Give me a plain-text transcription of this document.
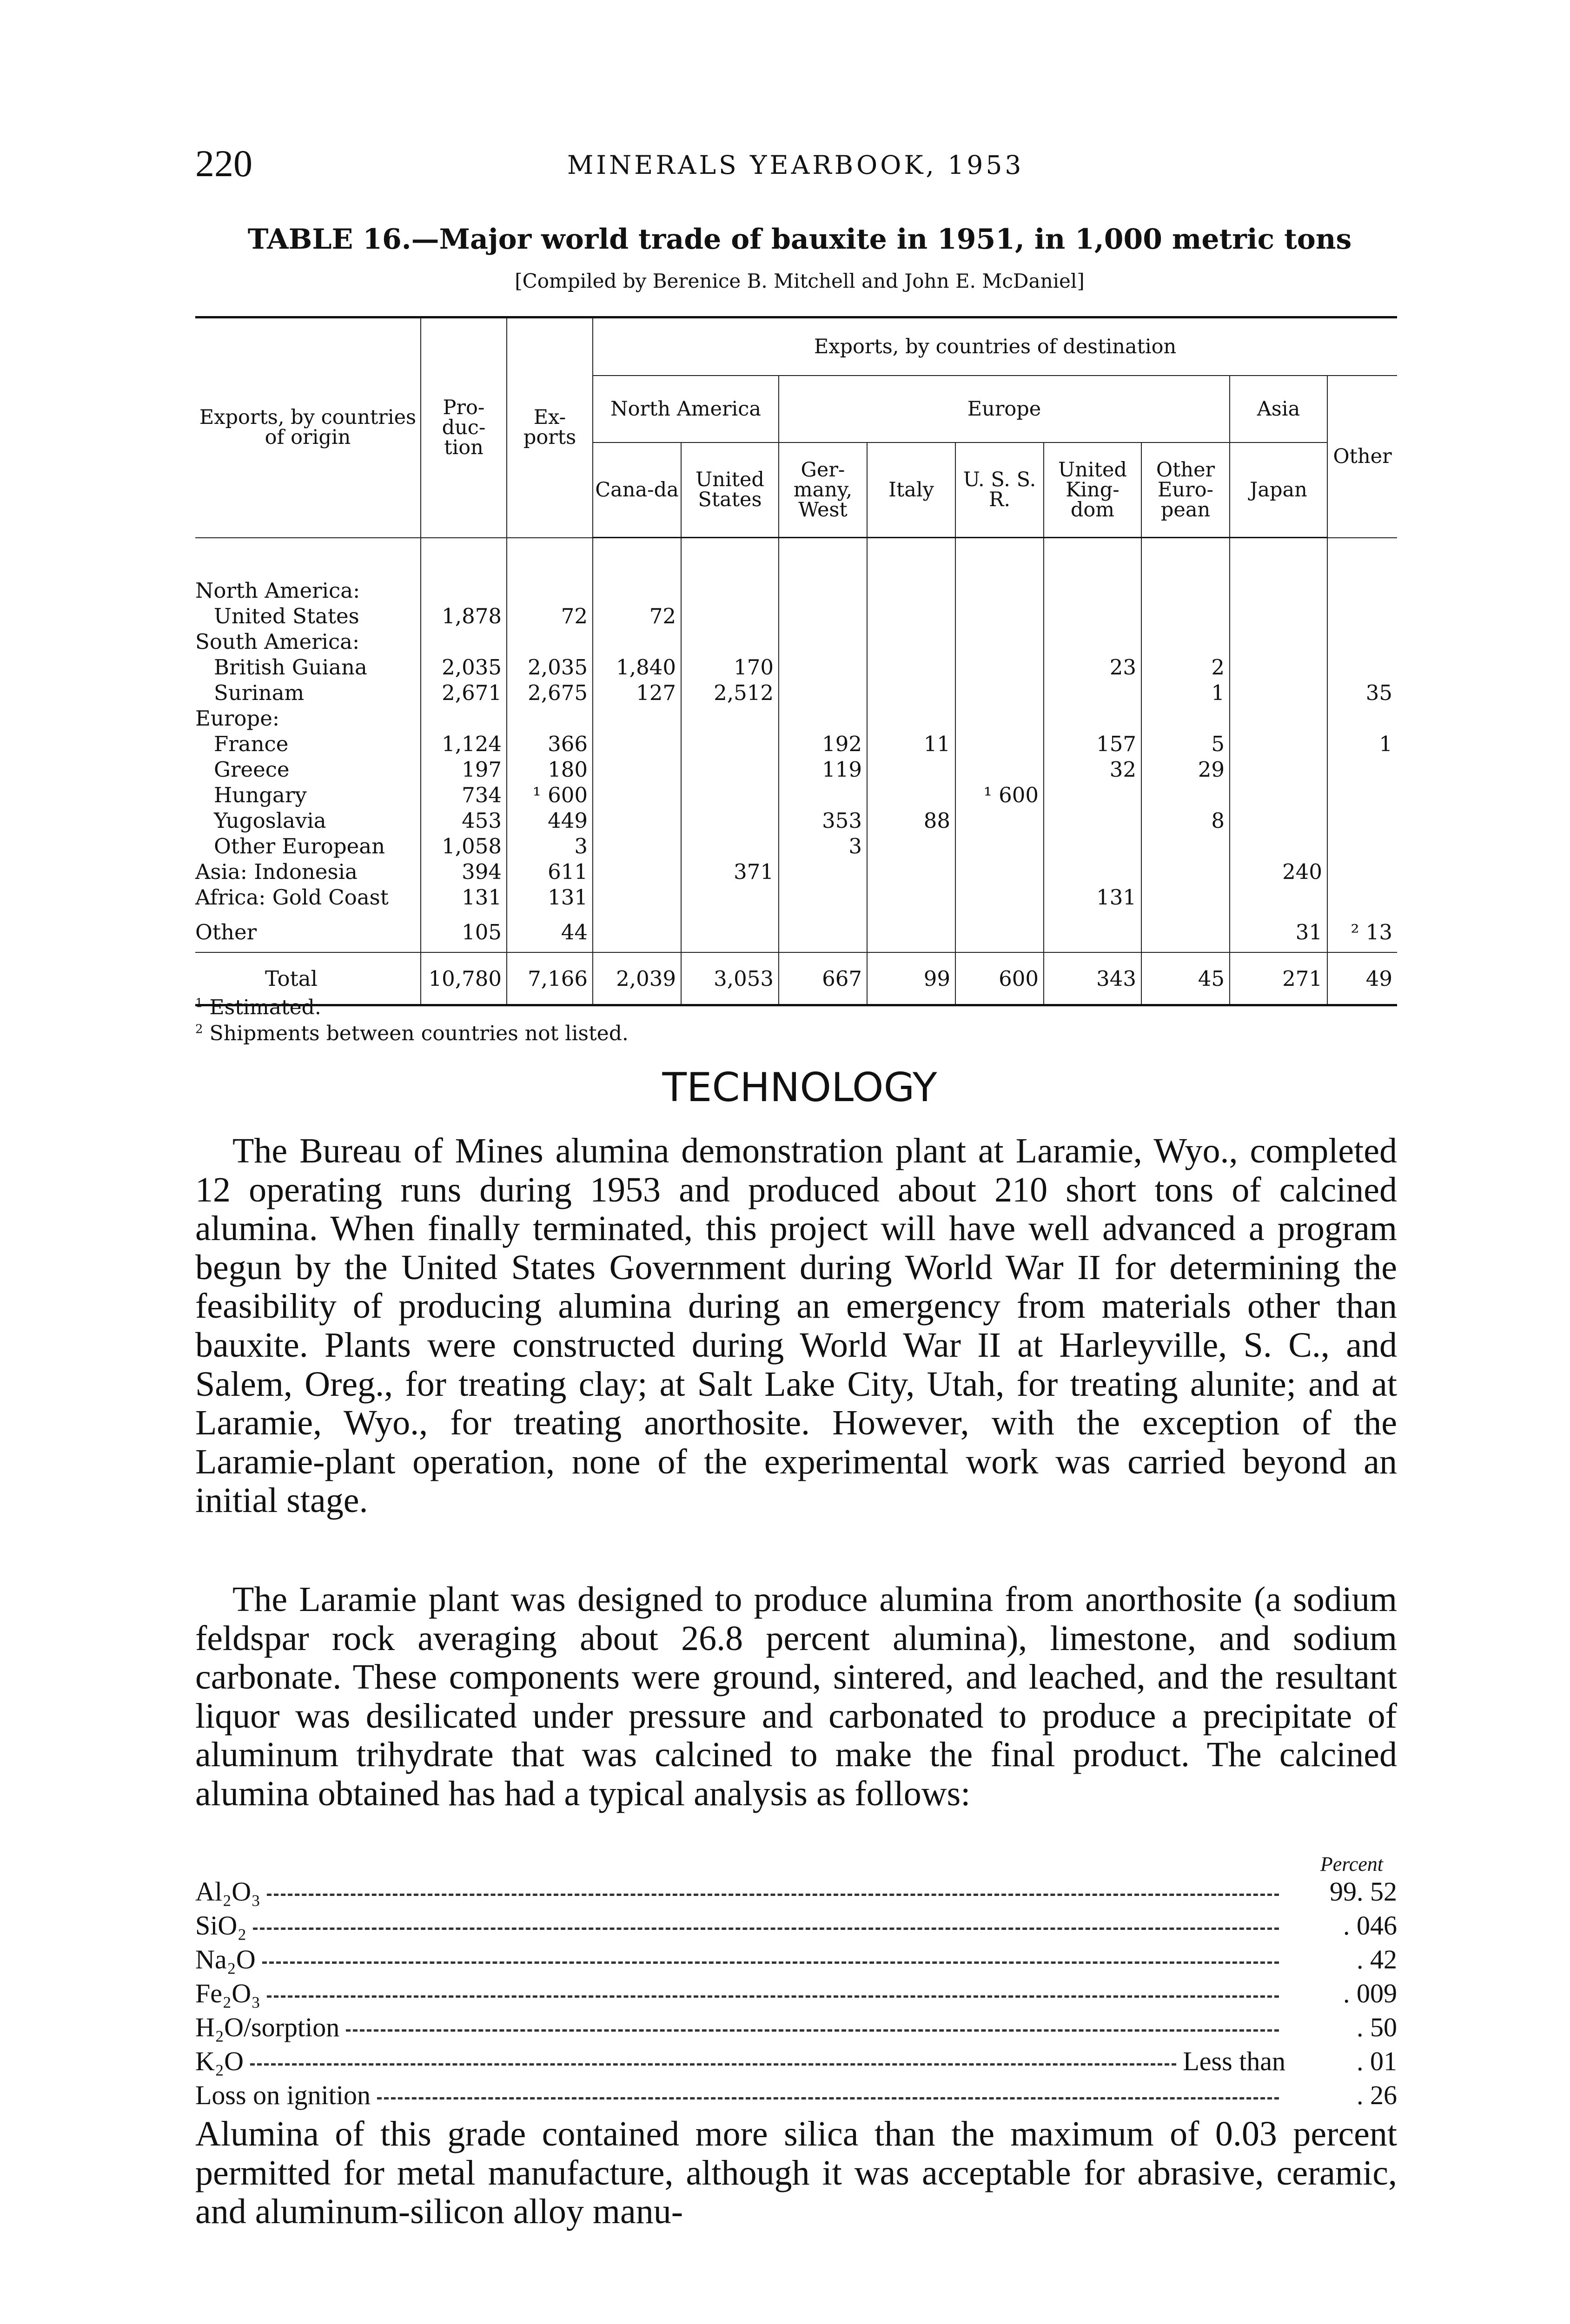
220	MINERALS YEARBOOK, 1953
TABLE 16.—Major world trade of bauxite in 1951, in 1,000 metric tons
[Compiled by Berenice B. Mitchell and John E. McDaniel]
Exports, by countries of origin	Pro-duc-tion	Ex-ports	Exports, by countries of destination								
			North America		Europe					Asia	Other
			Cana-da	United States	Ger-many, West	Italy	U. S. S. R.	United King-dom	Other Euro-pean	Japan	

North America:											
United States	1,878	72	72								
South America:											
British Guiana	2,035	2,035	1,840	170				23	2		
Surinam	2,671	2,675	127	2,512					1		35
Europe:											
France	1,124	366			192	11		157	5		1
Greece	197	180			119			32	29		
Hungary	734	¹ 600					¹ 600				
Yugoslavia	453	449			353	88			8		
Other European	1,058	3			3						
Asia: Indonesia	394	611		371						240	
Africa: Gold Coast	131	131						131			
Other	105	44								31	² 13
Total	10,780	7,166	2,039	3,053	667	99	600	343	45	271	49
$^1$ Estimated.
$^2$ Shipments between countries not listed.
TECHNOLOGY

The Bureau of Mines alumina demonstration plant at Laramie, Wyo., completed 12 operating runs during 1953 and produced about 210 short tons of calcined alumina. When finally terminated, this project will have well advanced a program begun by the United States Government during World War II for determining the feasibility of producing alumina during an emergency from materials other than bauxite. Plants were constructed during World War II at Harleyville, S. C., and Salem, Oreg., for treating clay; at Salt Lake City, Utah, for treating alunite; and at Laramie, Wyo., for treating anorthosite. However, with the exception of the Laramie-plant operation, none of the experimental work was carried beyond an initial stage.

The Laramie plant was designed to produce alumina from anorthosite (a sodium feldspar rock averaging about 26.8 percent alumina), limestone, and sodium carbonate. These components were ground, sintered, and leached, and the resultant liquor was desilicated under pressure and carbonated to produce a precipitate of aluminum trihydrate that was calcined to make the final product. The calcined alumina obtained has had a typical analysis as follows:

Percent
Al₂O₃	99. 52
SiO₂	. 046
Na₂O	. 42
Fe₂O₃	. 009
H₂O/sorption	. 50
K₂O	Less than	. 01
Loss on ignition	. 26

Alumina of this grade contained more silica than the maximum of 0.03 percent permitted for metal manufacture, although it was acceptable for abrasive, ceramic, and aluminum-silicon alloy manu-
